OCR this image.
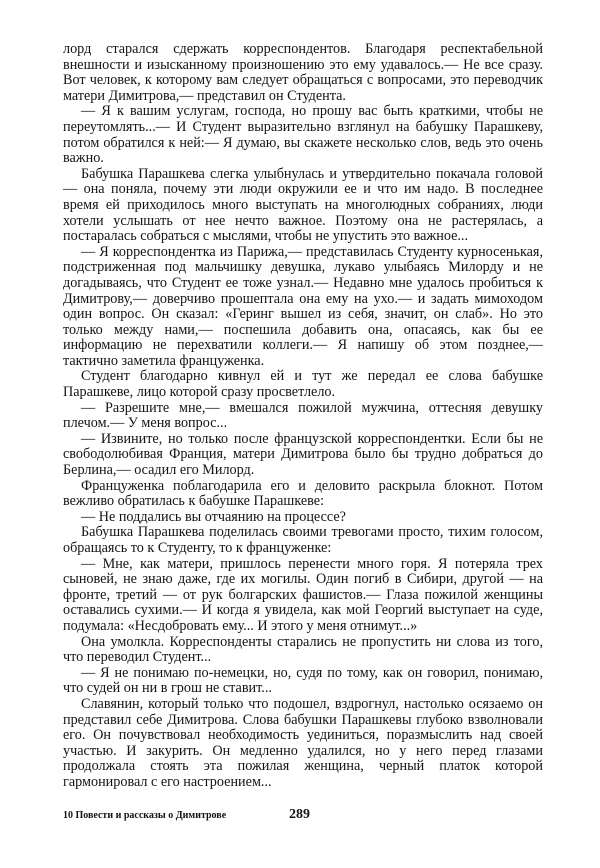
лорд старался сдержать корреспондентов. Благодаря респектабельной внешности и изысканному произношению это ему удавалось.— Не все сразу. Вот человек, к которому вам следует обращаться с вопросами, это переводчик матери Димитрова,— представил он Студента.

— Я к вашим услугам, господа, но прошу вас быть краткими, чтобы не переутомлять...— И Студент выразительно взглянул на бабушку Парашкеву, потом обратился к ней:— Я думаю, вы скажете несколько слов, ведь это очень важно.

Бабушка Парашкева слегка улыбнулась и утвердительно покачала головой — она поняла, почему эти люди окружили ее и что им надо. В последнее время ей приходилось много выступать на многолюдных собраниях, люди хотели услышать от нее нечто важное. Поэтому она не растерялась, а постаралась собраться с мыслями, чтобы не упустить это важное...

— Я корреспондентка из Парижа,— представилась Студенту курносенькая, подстриженная под мальчишку девушка, лукаво улыбаясь Милорду и не догадываясь, что Студент ее тоже узнал.— Недавно мне удалось пробиться к Димитрову,— доверчиво прошептала она ему на ухо.— и задать мимоходом один вопрос. Он сказал: «Геринг вышел из себя, значит, он слаб». Но это только между нами,— поспешила добавить она, опасаясь, как бы ее информацию не перехватили коллеги.— Я напишу об этом позднее,— тактично заметила француженка.

Студент благодарно кивнул ей и тут же передал ее слова бабушке Парашкеве, лицо которой сразу просветлело.

— Разрешите мне,— вмешался пожилой мужчина, оттесняя девушку плечом.— У меня вопрос...

— Извините, но только после французской корреспондентки. Если бы не свободолюбивая Франция, матери Димитрова было бы трудно добраться до Берлина,— осадил его Милорд.

Француженка поблагодарила его и деловито раскрыла блокнот. Потом вежливо обратилась к бабушке Парашкеве:

— Не поддались вы отчаянию на процессе?

Бабушка Парашкева поделилась своими тревогами просто, тихим голосом, обращаясь то к Студенту, то к француженке:

— Мне, как матери, пришлось перенести много горя. Я потеряла трех сыновей, не знаю даже, где их могилы. Один погиб в Сибири, другой — на фронте, третий — от рук болгарских фашистов.— Глаза пожилой женщины оставались сухими.— И когда я увидела, как мой Георгий выступает на суде, подумала: «Несдобровать ему... И этого у меня отнимут...»

Она умолкла. Корреспонденты старались не пропустить ни слова из того, что переводил Студент...

— Я не понимаю по-немецки, но, судя по тому, как он говорил, понимаю, что судей он ни в грош не ставит...

Славянин, который только что подошел, вздрогнул, настолько осязаемо он представил себе Димитрова. Слова бабушки Парашкевы глубоко взволновали его. Он почувствовал необходимость уединиться, поразмыслить над своей участью. И закурить. Он медленно удалился, но у него перед глазами продолжала стоять эта пожилая женщина, черный платок которой гармонировал с его настроением...

10 Повести и рассказы о Димитрове	289
